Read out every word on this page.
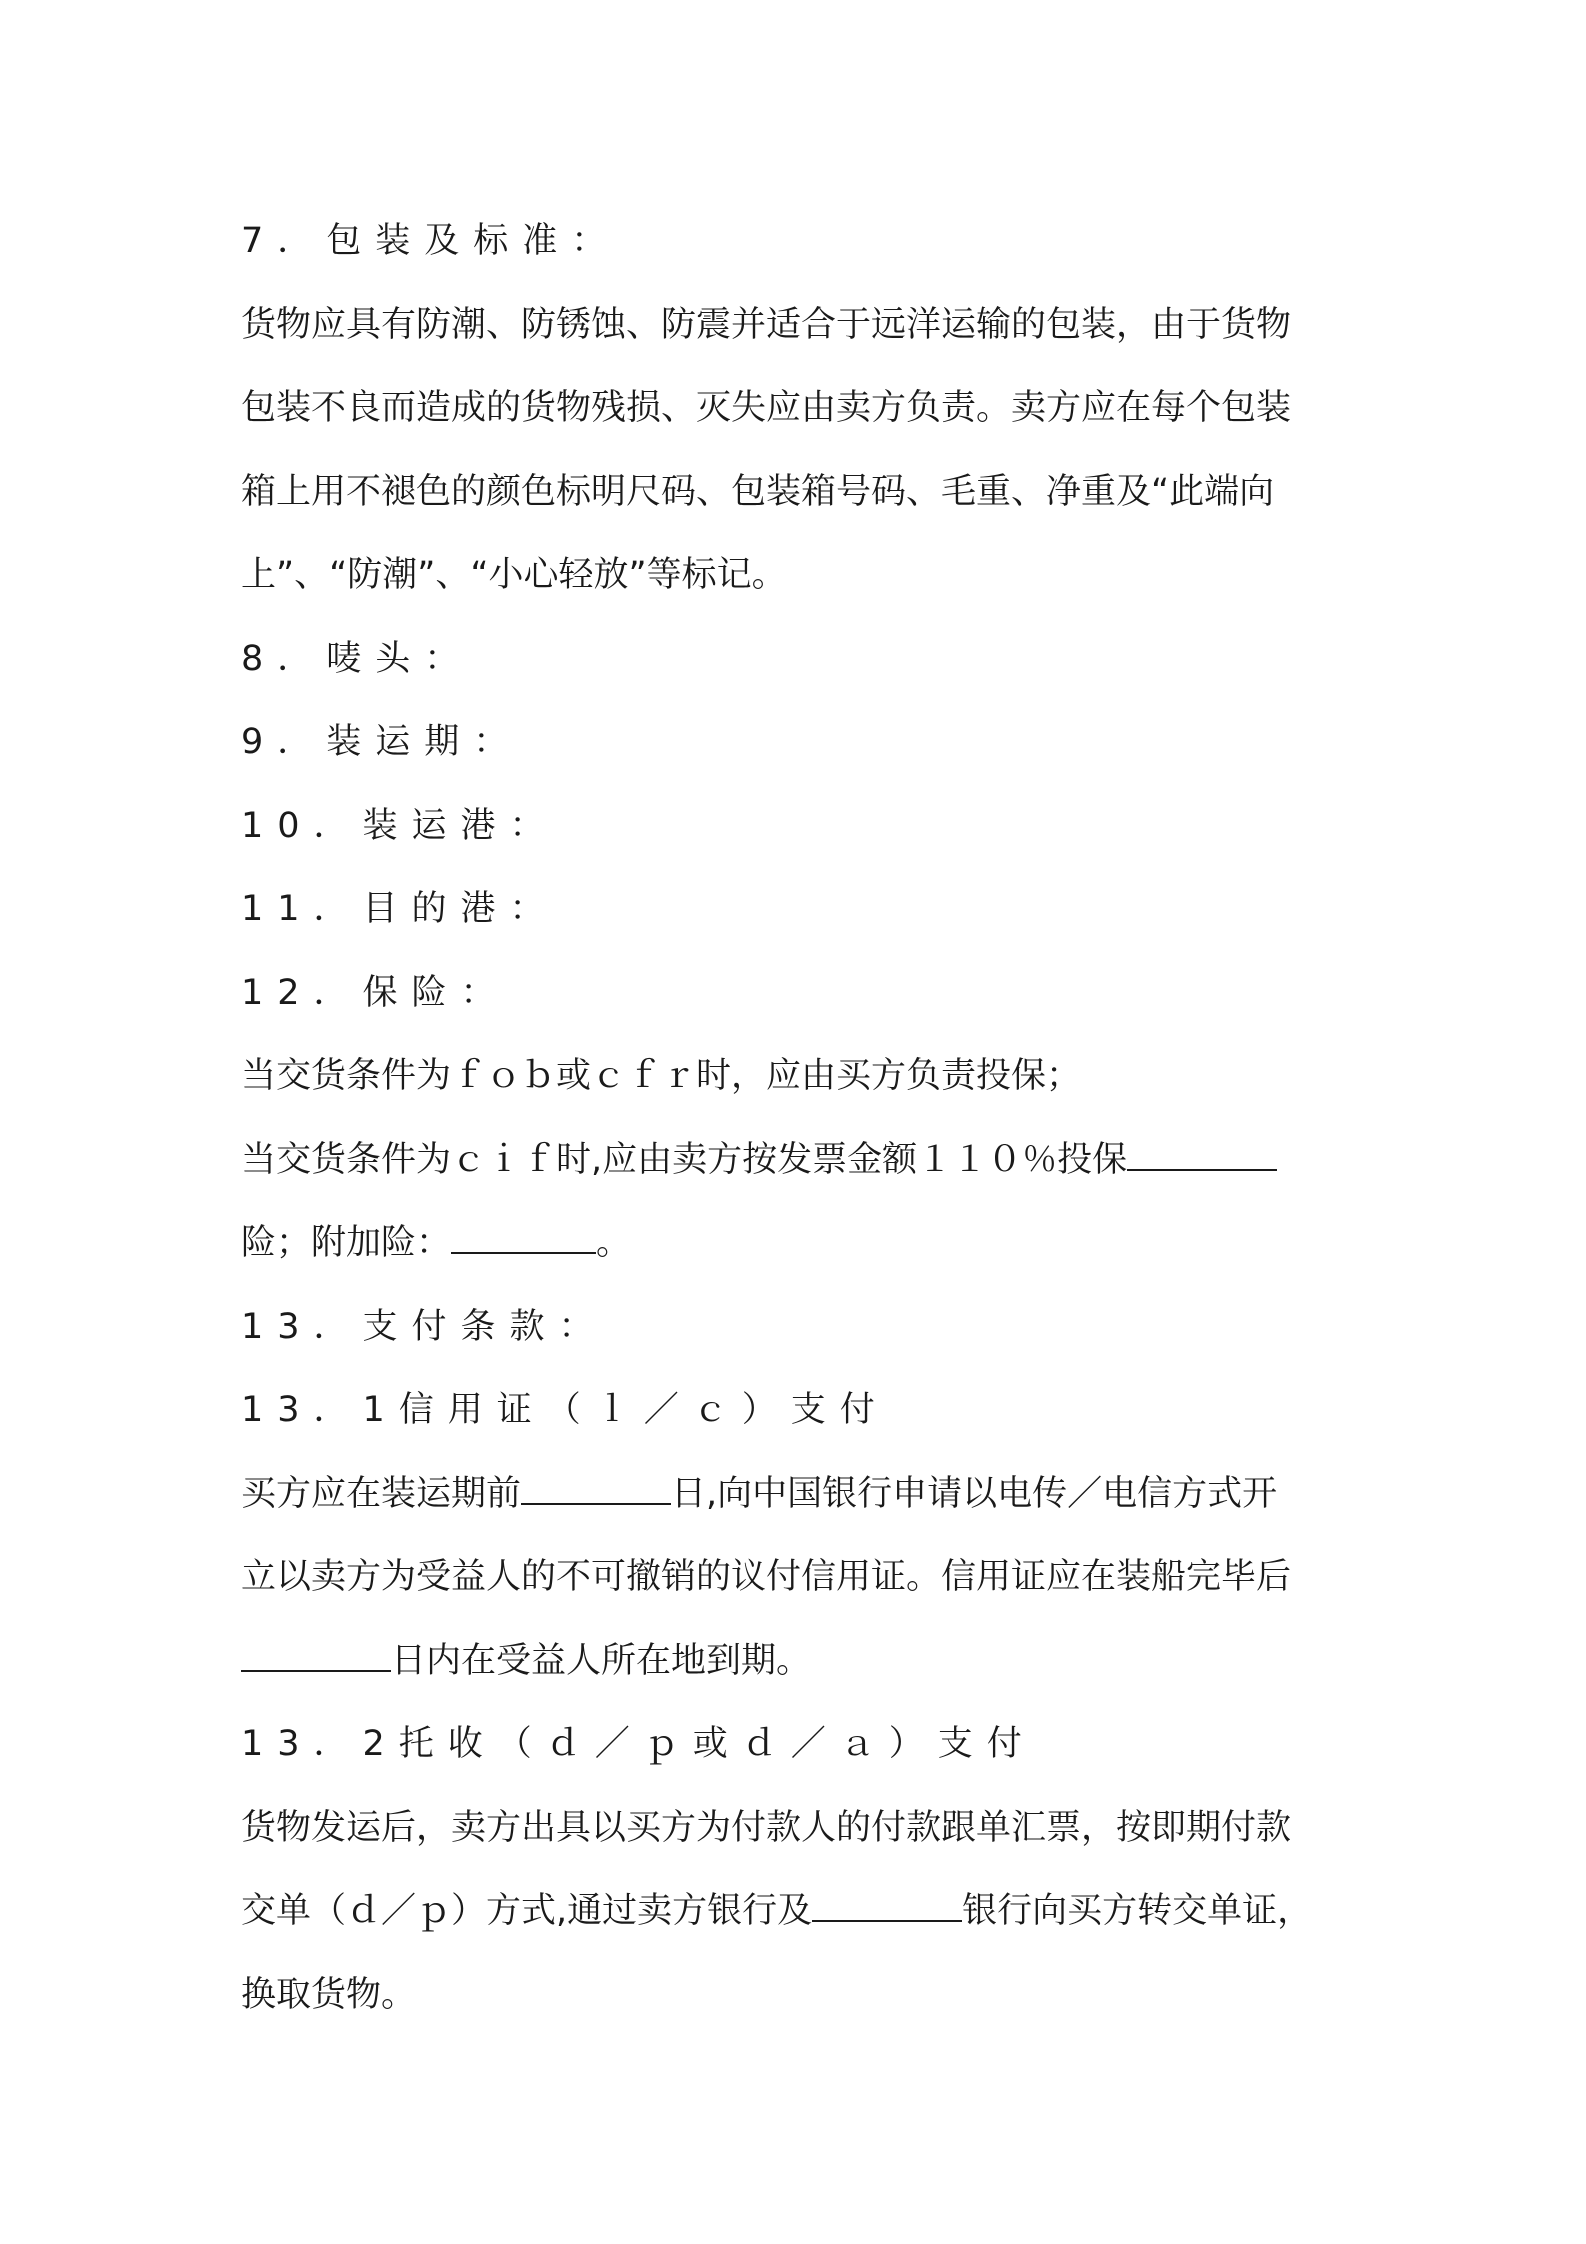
7．包装及标准：
货物应具有防潮、防锈蚀、防震并适合于远洋运输的包装，由于货物
包装不良而造成的货物残损、灭失应由卖方负责。卖方应在每个包装
箱上用不褪色的颜色标明尺码、包装箱号码、毛重、净重及“此端向
上”、“防潮”、“小心轻放”等标记。
8．唛头：
9．装运期：
10．装运港：
11．目的港：
12．保险：
当交货条件为ｆｏｂ或ｃｆｒ时，应由买方负责投保；
当交货条件为ｃｉｆ时,应由卖方按发票金额１１０％投保
险；附加险：	。
13．支付条款：
13．1信用证（ｌ／ｃ）支付
买方应在装运期前	日,向中国银行申请以电传／电信方式开
立以卖方为受益人的不可撤销的议付信用证。信用证应在装船完毕后
日内在受益人所在地到期。
13．2托收（ｄ／ｐ或ｄ／ａ）支付
货物发运后，卖方出具以买方为付款人的付款跟单汇票，按即期付款
交单（ｄ／ｐ）方式,通过卖方银行及	银行向买方转交单证，
换取货物。
